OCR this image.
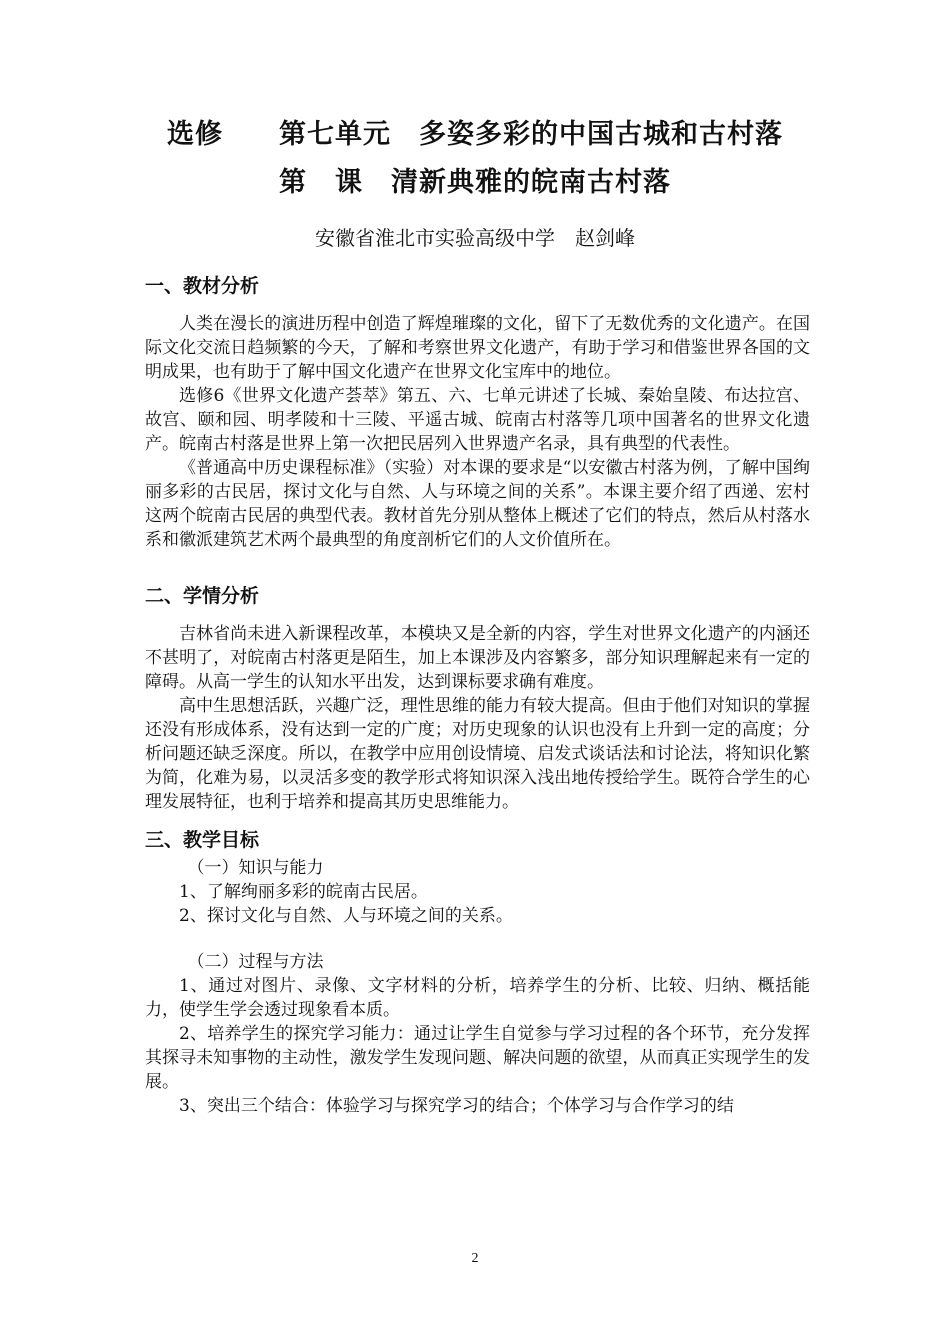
选修　　第七单元　多姿多彩的中国古城和古村落
第　课　清新典雅的皖南古村落
安徽省淮北市实验高级中学　赵剑峰
一、教材分析

人类在漫长的演进历程中创造了辉煌璀璨的文化，留下了无数优秀的文化遗产。在国际文化交流日趋频繁的今天，了解和考察世界文化遗产，有助于学习和借鉴世界各国的文明成果，也有助于了解中国文化遗产在世界文化宝库中的地位。

选修6《世界文化遗产荟萃》第五、六、七单元讲述了长城、秦始皇陵、布达拉宫、故宫、颐和园、明孝陵和十三陵、平遥古城、皖南古村落等几项中国著名的世界文化遗产。皖南古村落是世界上第一次把民居列入世界遗产名录，具有典型的代表性。

《普通高中历史课程标准》（实验）对本课的要求是“以安徽古村落为例，了解中国绚丽多彩的古民居，探讨文化与自然、人与环境之间的关系”。本课主要介绍了西递、宏村这两个皖南古民居的典型代表。教材首先分别从整体上概述了它们的特点，然后从村落水系和徽派建筑艺术两个最典型的角度剖析它们的人文价值所在。

二、学情分析

吉林省尚未进入新课程改革，本模块又是全新的内容，学生对世界文化遗产的内涵还不甚明了，对皖南古村落更是陌生，加上本课涉及内容繁多，部分知识理解起来有一定的障碍。从高一学生的认知水平出发，达到课标要求确有难度。

高中生思想活跃，兴趣广泛，理性思维的能力有较大提高。但由于他们对知识的掌握还没有形成体系，没有达到一定的广度；对历史现象的认识也没有上升到一定的高度；分析问题还缺乏深度。所以，在教学中应用创设情境、启发式谈话法和讨论法，将知识化繁为简，化难为易，以灵活多变的教学形式将知识深入浅出地传授给学生。既符合学生的心理发展特征，也利于培养和提高其历史思维能力。

三、教学目标

（一）知识与能力

1、了解绚丽多彩的皖南古民居。

2、探讨文化与自然、人与环境之间的关系。

（二）过程与方法

1、通过对图片、录像、文字材料的分析，培养学生的分析、比较、归纳、概括能力，使学生学会透过现象看本质。

2、培养学生的探究学习能力：通过让学生自觉参与学习过程的各个环节，充分发挥其探寻未知事物的主动性，激发学生发现问题、解决问题的欲望，从而真正实现学生的发展。

3、突出三个结合：体验学习与探究学习的结合；个体学习与合作学习的结

2
